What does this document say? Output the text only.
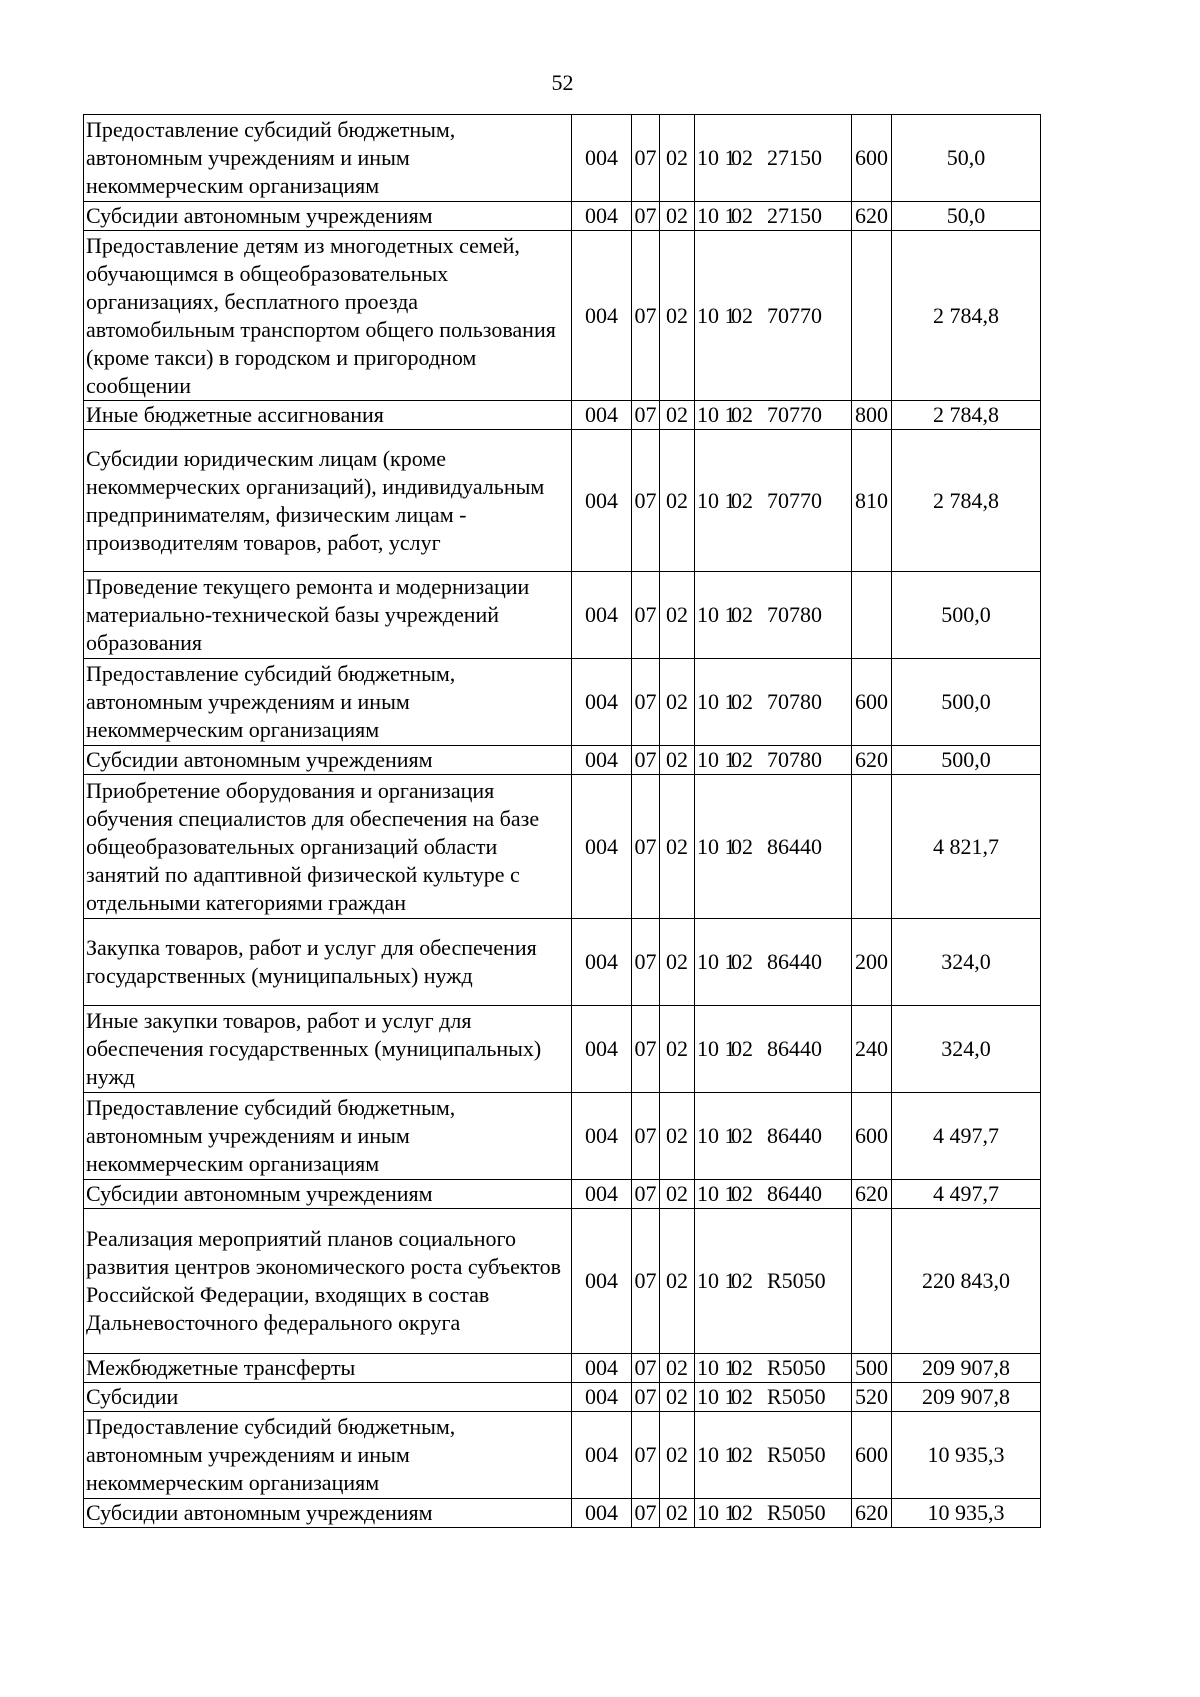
52
Предоставление субсидий бюджетным, автономным учреждениям и иным некоммерческим организациям	004	07	02	10 102 27150	600	50,0
Субсидии автономным учреждениям	004	07	02	10 102 27150	620	50,0
Предоставление детям из многодетных семей, обучающимся в общеобразовательных организациях, бесплатного проезда автомобильным транспортом общего пользования (кроме такси) в городском и пригородном сообщении	004	07	02	10 102 70770		2 784,8
Иные бюджетные ассигнования	004	07	02	10 102 70770	800	2 784,8
Субсидии юридическим лицам (кроме некоммерческих организаций), индивидуальным предпринимателям, физическим лицам - производителям товаров, работ, услуг	004	07	02	10 102 70770	810	2 784,8
Проведение текущего ремонта и модернизации материально-технической базы учреждений образования	004	07	02	10 102 70780		500,0
Предоставление субсидий бюджетным, автономным учреждениям и иным некоммерческим организациям	004	07	02	10 102 70780	600	500,0
Субсидии автономным учреждениям	004	07	02	10 102 70780	620	500,0
Приобретение оборудования и организация обучения специалистов для обеспечения на базе общеобразовательных организаций области занятий по адаптивной физической культуре с отдельными категориями граждан	004	07	02	10 102 86440		4 821,7
Закупка товаров, работ и услуг для обеспечения государственных (муниципальных) нужд	004	07	02	10 102 86440	200	324,0
Иные закупки товаров, работ и услуг для обеспечения государственных (муниципальных) нужд	004	07	02	10 102 86440	240	324,0
Предоставление субсидий бюджетным, автономным учреждениям и иным некоммерческим организациям	004	07	02	10 102 86440	600	4 497,7
Субсидии автономным учреждениям	004	07	02	10 102 86440	620	4 497,7
Реализация мероприятий планов социального развития центров экономического роста субъектов Российской Федерации, входящих в состав Дальневосточного федерального округа	004	07	02	10 102 R5050		220 843,0
Межбюджетные трансферты	004	07	02	10 102 R5050	500	209 907,8
Субсидии	004	07	02	10 102 R5050	520	209 907,8
Предоставление субсидий бюджетным, автономным учреждениям и иным некоммерческим организациям	004	07	02	10 102 R5050	600	10 935,3
Субсидии автономным учреждениям	004	07	02	10 102 R5050	620	10 935,3
